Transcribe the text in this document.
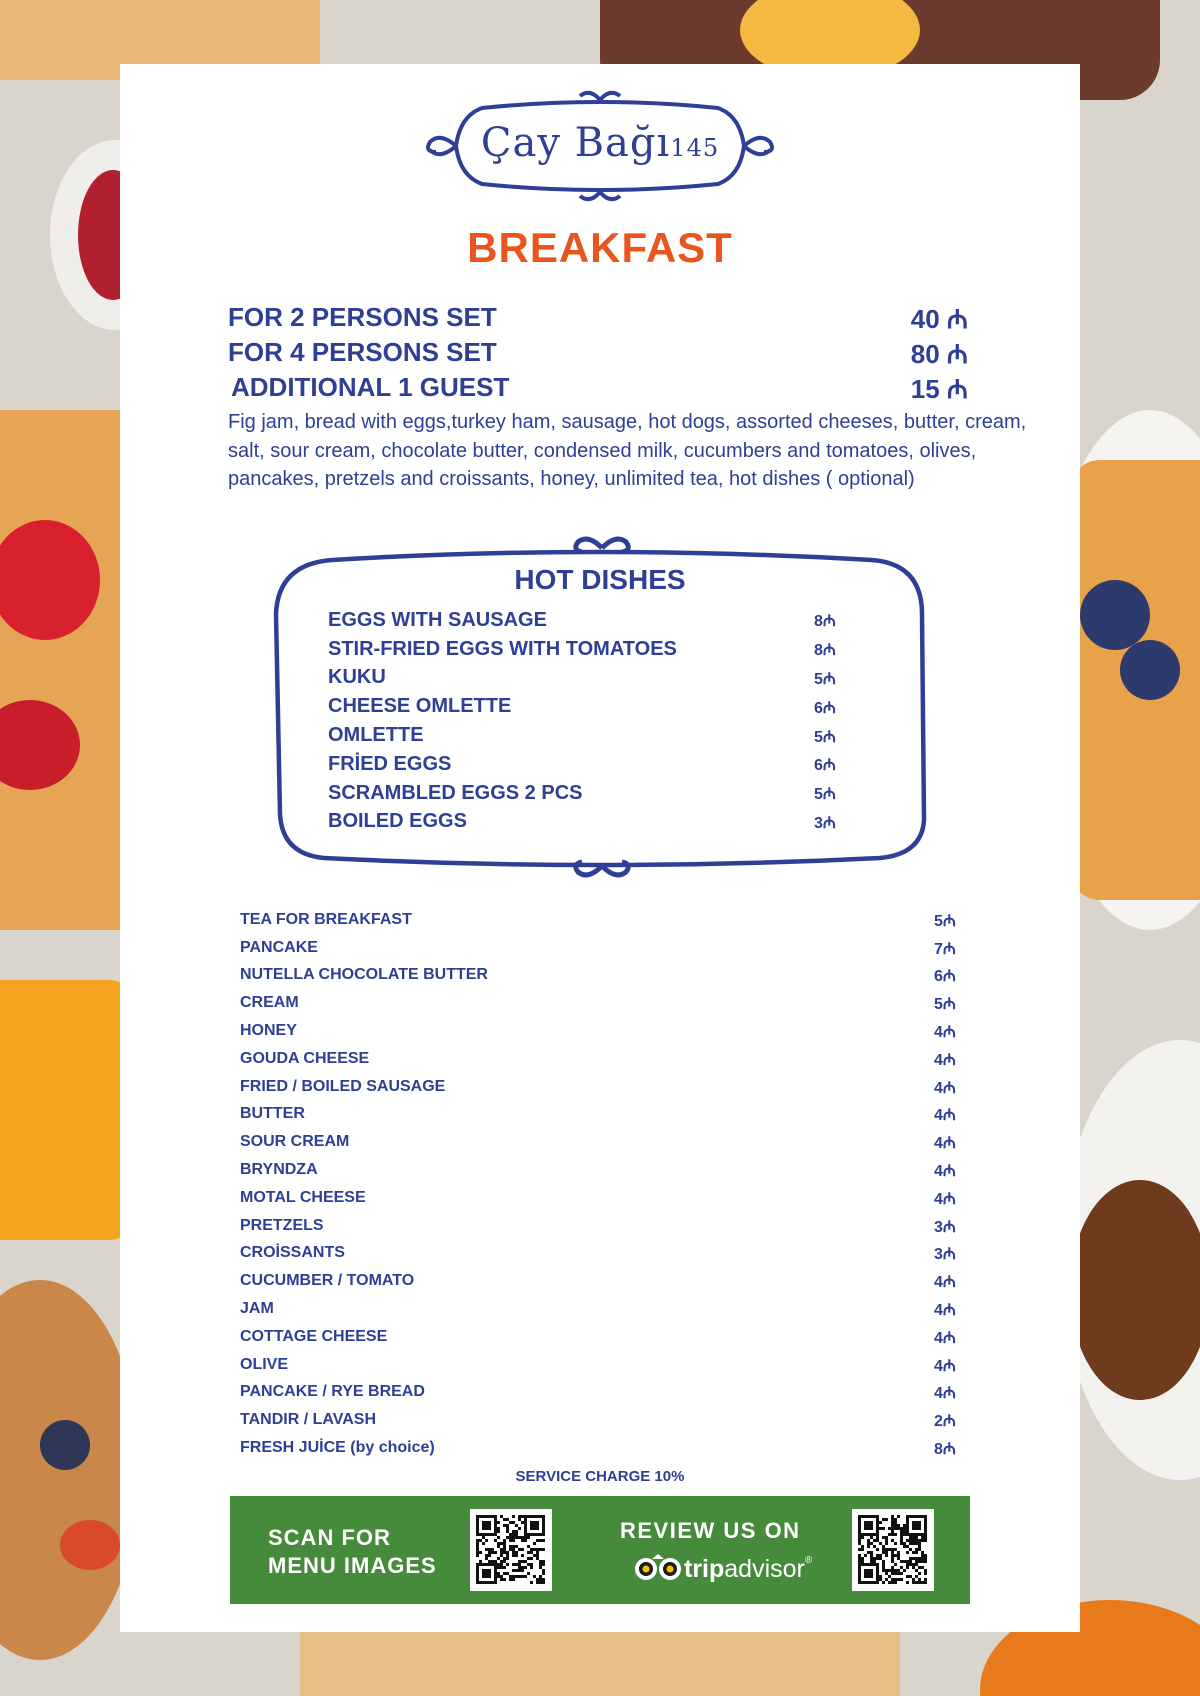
Çay Bağı145
BREAKFAST
FOR 2 PERSONS SET	40 ₼
FOR 4 PERSONS SET	80 ₼
ADDITIONAL 1 GUEST	15 ₼
Fig jam, bread with eggs,turkey ham, sausage, hot dogs, assorted cheeses, butter, cream, salt, sour cream, chocolate butter, condensed milk, cucumbers and tomatoes, olives, pancakes, pretzels and croissants, honey, unlimited tea, hot dishes ( optional)
HOT DISHES
EGGS WITH SAUSAGE	8₼
STIR-FRIED EGGS WITH TOMATOES	8₼
KUKU	5₼
CHEESE OMLETTE	6₼
OMLETTE	5₼
FRİED EGGS	6₼
SCRAMBLED EGGS 2 PCS	5₼
BOILED EGGS	3₼
TEA FOR BREAKFAST	5₼
PANCAKE	7₼
NUTELLA CHOCOLATE BUTTER	6₼
CREAM	5₼
HONEY	4₼
GOUDA CHEESE	4₼
FRIED / BOILED SAUSAGE	4₼
BUTTER	4₼
SOUR CREAM	4₼
BRYNDZA	4₼
MOTAL CHEESE	4₼
PRETZELS	3₼
CROİSSANTS	3₼
CUCUMBER / TOMATO	4₼
JAM	4₼
COTTAGE CHEESE	4₼
OLIVE	4₼
PANCAKE / RYE BREAD	4₼
TANDIR / LAVASH	2₼
FRESH JUİCE (by choice)	8₼
SERVICE CHARGE 10%
SCAN FOR
MENU IMAGES
REVIEW US ON
tripadvisor®
